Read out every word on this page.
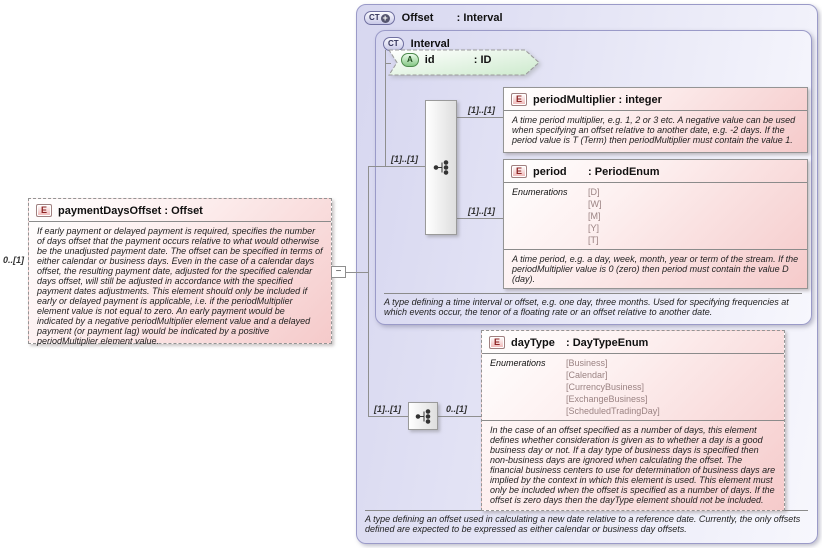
CT + Offset : Interval
A type defining an offset used in calculating a new date relative to a reference date. Currently, the only offsets defined are expected to be expressed as either calendar or business day offsets.
CT Interval
A type defining a time interval or offset, e.g. one day, three months. Used for specifying frequencies at which events occur, the tenor of a floating rate or an offset relative to another date.
0..[1]
[1]..[1]
[1]..[1]
[1]..[1]
[1]..[1]	0..[1]
E	paymentDaysOffset : Offset
If early payment or delayed payment is required, specifies the number of days offset that the payment occurs relative to what would otherwise be the unadjusted payment date. The offset can be specified in terms of either calendar or business days. Even in the case of a calendar days offset, the resulting payment date, adjusted for the specified calendar days offset, will still be adjusted in accordance with the specified payment dates adjustments. This element should only be included if early or delayed payment is applicable, i.e. if the periodMultiplier element value is not equal to zero. An early payment would be indicated by a negative periodMultiplier element value and a delayed payment (or payment lag) would be indicated by a positive periodMultiplier element value.
−
A	id	: ID
E	periodMultiplier : integer
A time period multiplier, e.g. 1, 2 or 3 etc. A negative value can be used when specifying an offset relative to another date, e.g. -2 days. If the period value is T (Term) then periodMultiplier must contain the value 1.
E	period : PeriodEnum
Enumerations	[D]
[W]
[M]
[Y]
[T]
A time period, e.g. a day, week, month, year or term of the stream. If the periodMultiplier value is 0 (zero) then period must contain the value D (day).
E	dayType : DayTypeEnum
Enumerations	[Business]
[Calendar]
[CurrencyBusiness]
[ExchangeBusiness]
[ScheduledTradingDay]
In the case of an offset specified as a number of days, this element defines whether consideration is given as to whether a day is a good business day or not. If a day type of business days is specified then non-business days are ignored when calculating the offset. The financial business centers to use for determination of business days are implied by the context in which this element is used. This element must only be included when the offset is specified as a number of days. If the offset is zero days then the dayType element should not be included.
